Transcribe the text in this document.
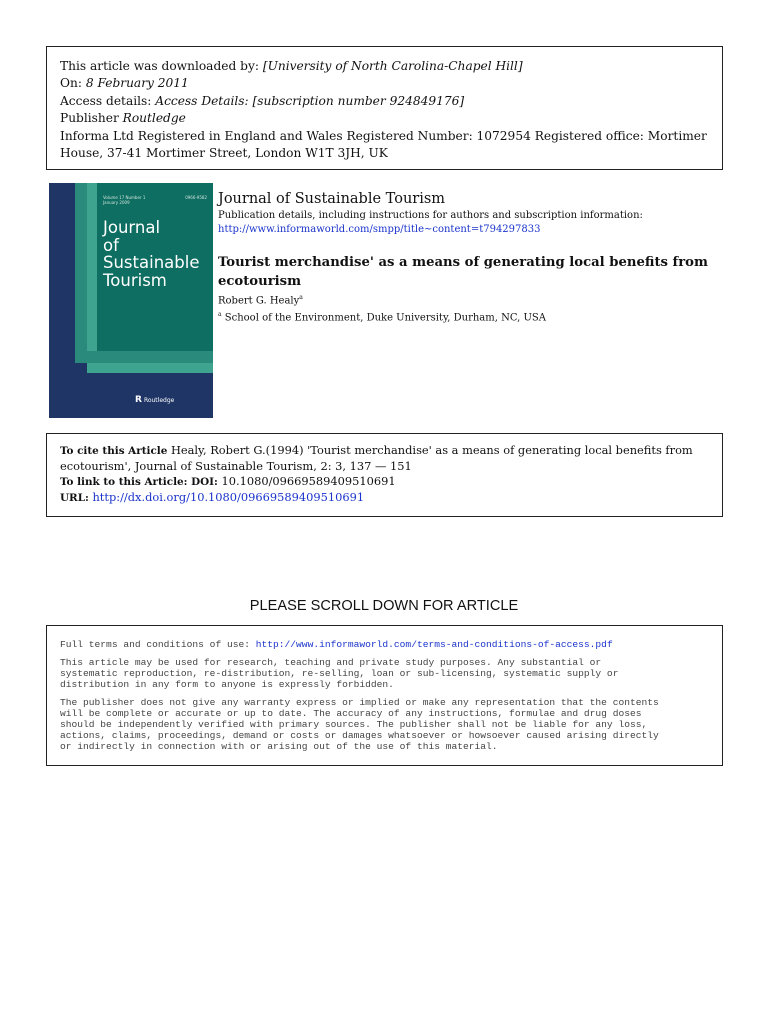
This article was downloaded by: [University of North Carolina-Chapel Hill]
On: 8 February 2011
Access details: Access Details: [subscription number 924849176]
Publisher Routledge
Informa Ltd Registered in England and Wales Registered Number: 1072954 Registered office: Mortimer House, 37-41 Mortimer Street, London W1T 3JH, UK
Volume 17 Number 1
January 2009
0966-9582
Journal
of
Sustainable
Tourism
R Routledge
Journal of Sustainable Tourism
Publication details, including instructions for authors and subscription information:
http://www.informaworld.com/smpp/title~content=t794297833
Tourist merchandise' as a means of generating local benefits from ecotourism
Robert G. Healy$^a$
$^a$ School of the Environment, Duke University, Durham, NC, USA
To cite this Article Healy, Robert G.(1994) 'Tourist merchandise' as a means of generating local benefits from ecotourism', Journal of Sustainable Tourism, 2: 3, 137 — 151
To link to this Article: DOI: 10.1080/09669589409510691
URL: http://dx.doi.org/10.1080/09669589409510691
PLEASE SCROLL DOWN FOR ARTICLE

Full terms and conditions of use: http://www.informaworld.com/terms-and-conditions-of-access.pdf

This article may be used for research, teaching and private study purposes. Any substantial or
systematic reproduction, re-distribution, re-selling, loan or sub-licensing, systematic supply or
distribution in any form to anyone is expressly forbidden.

The publisher does not give any warranty express or implied or make any representation that the contents
will be complete or accurate or up to date. The accuracy of any instructions, formulae and drug doses
should be independently verified with primary sources. The publisher shall not be liable for any loss,
actions, claims, proceedings, demand or costs or damages whatsoever or howsoever caused arising directly
or indirectly in connection with or arising out of the use of this material.
